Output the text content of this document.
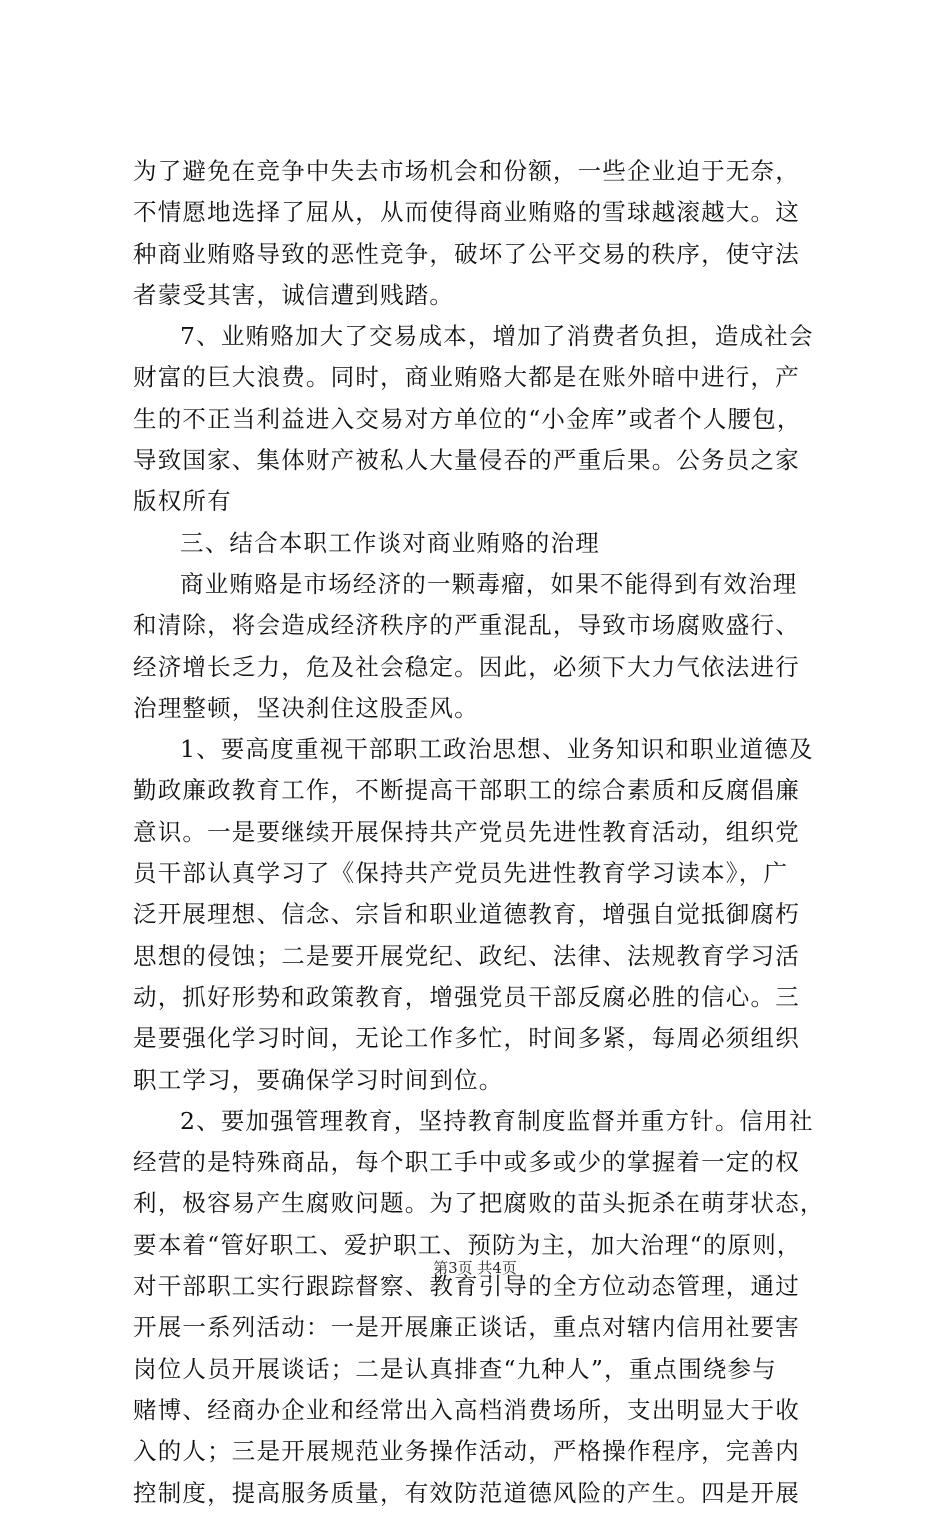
为了避免在竞争中失去市场机会和份额，一些企业迫于无奈，
不情愿地选择了屈从，从而使得商业贿赂的雪球越滚越大。这
种商业贿赂导致的恶性竞争，破坏了公平交易的秩序，使守法
者蒙受其害，诚信遭到贱踏。
7、业贿赂加大了交易成本，增加了消费者负担，造成社会
财富的巨大浪费。同时，商业贿赂大都是在账外暗中进行，产
生的不正当利益进入交易对方单位的“小金库”或者个人腰包，
导致国家、集体财产被私人大量侵吞的严重后果。公务员之家
版权所有
三、结合本职工作谈对商业贿赂的治理
商业贿赂是市场经济的一颗毒瘤，如果不能得到有效治理
和清除，将会造成经济秩序的严重混乱，导致市场腐败盛行、
经济增长乏力，危及社会稳定。因此，必须下大力气依法进行
治理整顿，坚决刹住这股歪风。
1、要高度重视干部职工政治思想、业务知识和职业道德及
勤政廉政教育工作，不断提高干部职工的综合素质和反腐倡廉
意识。一是要继续开展保持共产党员先进性教育活动，组织党
员干部认真学习了《保持共产党员先进性教育学习读本》，广
泛开展理想、信念、宗旨和职业道德教育，增强自觉抵御腐朽
思想的侵蚀；二是要开展党纪、政纪、法律、法规教育学习活
动，抓好形势和政策教育，增强党员干部反腐必胜的信心。三
是要强化学习时间，无论工作多忙，时间多紧，每周必须组织
职工学习，要确保学习时间到位。
2、要加强管理教育，坚持教育制度监督并重方针。信用社
经营的是特殊商品，每个职工手中或多或少的掌握着一定的权
利，极容易产生腐败问题。为了把腐败的苗头扼杀在萌芽状态，
要本着“管好职工、爱护职工、预防为主，加大治理“的原则，
对干部职工实行跟踪督察、教育引导的全方位动态管理，通过
开展一系列活动：一是开展廉正谈话，重点对辖内信用社要害
岗位人员开展谈话；二是认真排查“九种人”，重点围绕参与
赌博、经商办企业和经常出入高档消费场所，支出明显大于收
入的人；三是开展规范业务操作活动，严格操作程序，完善内
控制度，提高服务质量，有效防范道德风险的产生。四是开展
第3页 共4页
